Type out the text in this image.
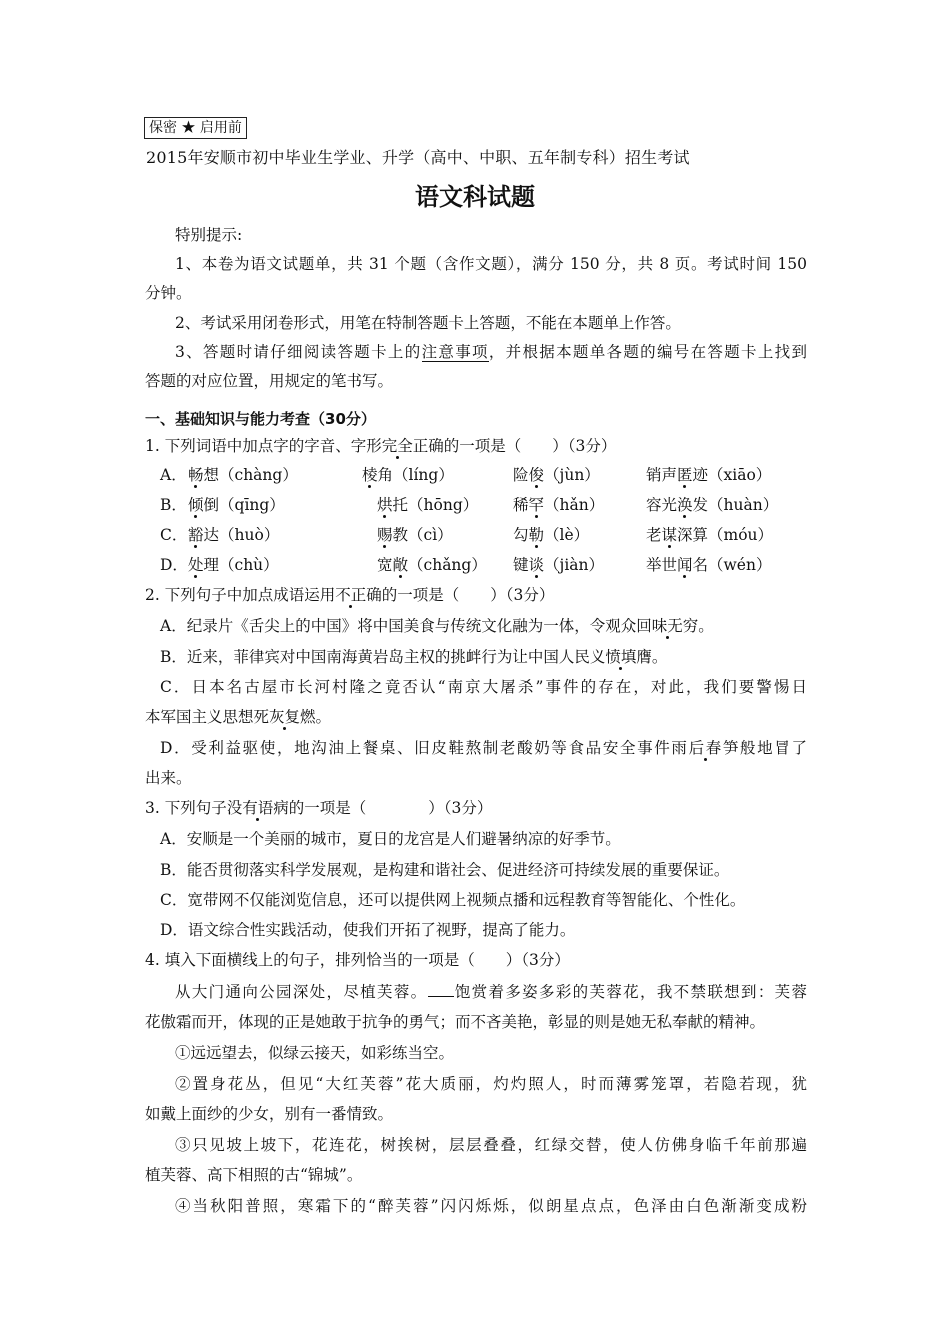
保密 ★ 启用前
2015年安顺市初中毕业生学业、升学（高中、中职、五年制专科）招生考试
语文科试题
特别提示:
1、本卷为语文试题单，共 31 个题（含作文题），满分 150 分，共 8 页。考试时间 150
分钟。
2、考试采用闭卷形式，用笔在特制答题卡上答题，不能在本题单上作答。
3、答题时请仔细阅读答题卡上的注意事项，并根据本题单各题的编号在答题卡上找到
答题的对应位置，用规定的笔书写。
一、基础知识与能力考查（30分）
1. 下列词语中加点字的字音、字形完全正确的一项是（　　）（3分）
A． 畅想（chàng）	棱角（líng）	险俊（jùn）	销声匿迹（xiāo）
B． 倾倒（qīng）	烘托（hōng） 稀罕（hǎn）	容光涣发（huàn）
C． 豁达（huò）	赐教（cì）	勾勒（lè）	老谋深算（móu）
D． 处理（chù）	宽敞（chǎng） 键谈（jiàn）	举世闻名（wén）
2. 下列句子中加点成语运用不正确的一项是（　　）（3分）
A．纪录片《舌尖上的中国》将中国美食与传统文化融为一体，令观众回味无穷。
B．近来，菲律宾对中国南海黄岩岛主权的挑衅行为让中国人民义愤填膺。
C．日本名古屋市长河村隆之竟否认“南京大屠杀”事件的存在，对此，我们要警惕日
本军国主义思想死灰复燃。
D．受利益驱使，地沟油上餐桌、旧皮鞋熬制老酸奶等食品安全事件雨后春笋般地冒了
出来。
3. 下列句子没有语病的一项是（　　　　）（3分）
A．安顺是一个美丽的城市，夏日的龙宫是人们避暑纳凉的好季节。
B．能否贯彻落实科学发展观，是构建和谐社会、促进经济可持续发展的重要保证。
C．宽带网不仅能浏览信息，还可以提供网上视频点播和远程教育等智能化、个性化。
D．语文综合性实践活动，使我们开拓了视野，提高了能力。
4. 填入下面横线上的句子，排列恰当的一项是（　　）（3分）
从大门通向公园深处，尽植芙蓉。 饱赏着多姿多彩的芙蓉花，我不禁联想到：芙蓉
花傲霜而开，体现的正是她敢于抗争的勇气；而不吝美艳，彰显的则是她无私奉献的精神。
①远远望去，似绿云接天，如彩练当空。
②置身花丛，但见“大红芙蓉”花大质丽，灼灼照人，时而薄雾笼罩，若隐若现，犹
如戴上面纱的少女，别有一番情致。
③只见坡上坡下，花连花，树挨树，层层叠叠，红绿交替，使人仿佛身临千年前那遍
植芙蓉、高下相照的古“锦城”。
④当秋阳普照，寒霜下的“醉芙蓉”闪闪烁烁，似朗星点点，色泽由白色渐渐变成粉
